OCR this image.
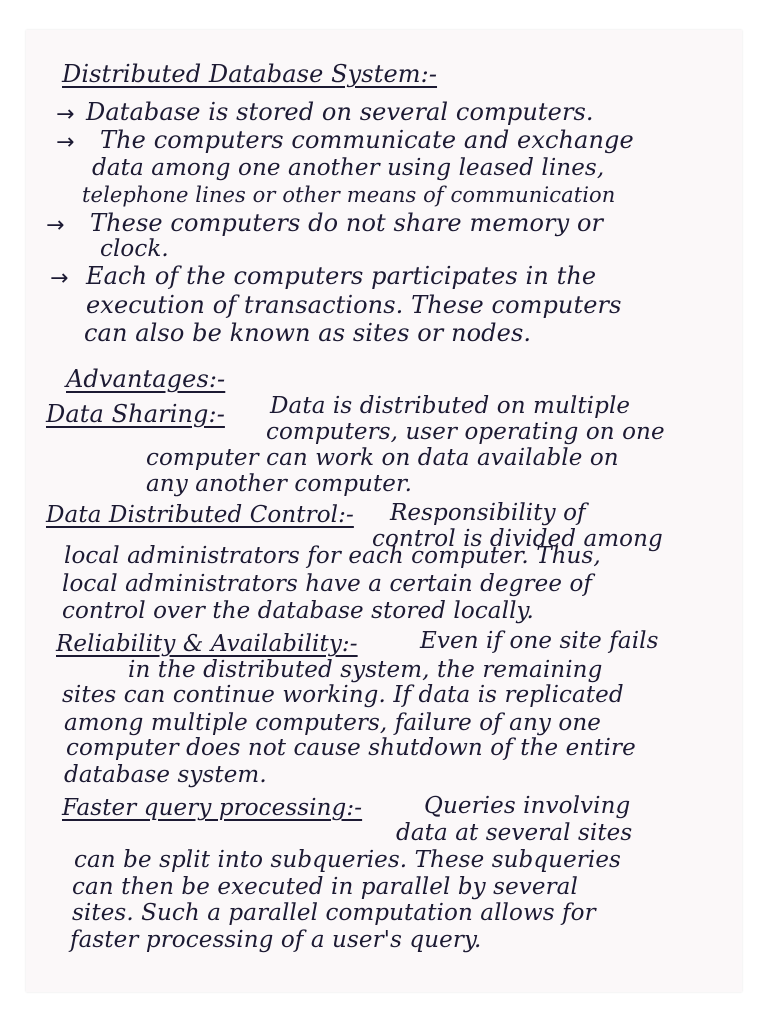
Distributed Database System:-
→
→
→
→
Database is stored on several computers.
The computers communicate and exchange
data among one another using leased lines,
telephone lines or other means of communication
These computers do not share memory or
clock.
Each of the computers participates in the
execution of transactions. These computers
can also be known as sites or nodes.
Advantages:-
Data Sharing:- Data is distributed on multiple
computers, user operating on one
computer can work on data available on
any another computer.
Data Distributed Control:- Responsibility of
control is divided among
local administrators for each computer. Thus,
local administrators have a certain degree of
control over the database stored locally.
Reliability & Availability:-	Even if one site fails
in the distributed system, the remaining
sites can continue working. If data is replicated
among multiple computers, failure of any one
computer does not cause shutdown of the entire
database system.
Faster query processing:-	Queries involving
data at several sites
can be split into subqueries. These subqueries
can then be executed in parallel by several
sites. Such a parallel computation allows for
faster processing of a user's query.
